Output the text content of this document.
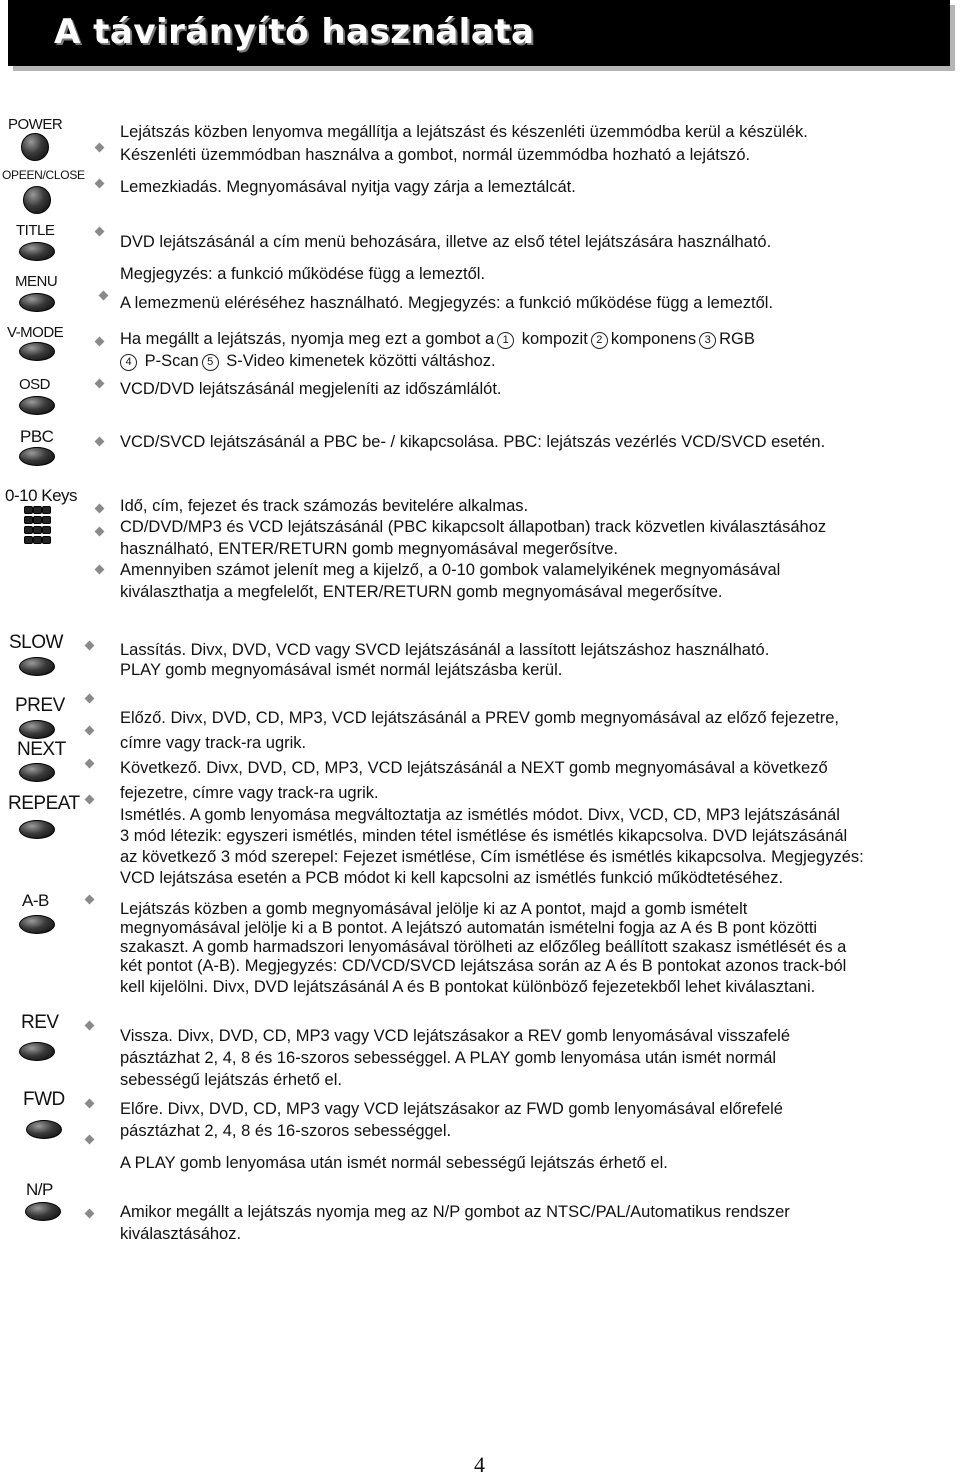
A távirányító használata
POWER
OPEEN/CLOSE
TITLE
MENU
V-MODE
OSD
PBC
0-10 Keys
SLOW
PREV
NEXT
REPEAT
A-B
REV
FWD
N/P
Lejátszás közben lenyomva megállítja a lejátszást és készenléti üzemmódba kerül a készülék.
Készenléti üzemmódban használva a gombot, normál üzemmódba hozható a lejátszó.
Lemezkiadás. Megnyomásával nyitja vagy zárja a lemeztálcát.
DVD lejátszásánál a cím menü behozására, illetve az első tétel lejátszására használható.
Megjegyzés: a funkció működése függ a lemeztől.
A lemezmenü eléréséhez használható. Megjegyzés: a funkció működése függ a lemeztől.
Ha megállt a lejátszás, nyomja meg ezt a gombot a 1 kompozit 2 komponens 3 RGB
4 P-Scan 5 S-Video kimenetek közötti váltáshoz.
VCD/DVD lejátszásánál megjeleníti az időszámlálót.
VCD/SVCD lejátszásánál a PBC be- / kikapcsolása. PBC: lejátszás vezérlés VCD/SVCD esetén.
Idő, cím, fejezet és track számozás bevitelére alkalmas.
CD/DVD/MP3 és VCD lejátszásánál (PBC kikapcsolt állapotban) track közvetlen kiválasztásához
használható, ENTER/RETURN gomb megnyomásával megerősítve.
Amennyiben számot jelenít meg a kijelző, a 0-10 gombok valamelyikének megnyomásával
kiválaszthatja a megfelelőt, ENTER/RETURN gomb megnyomásával megerősítve.
Lassítás. Divx, DVD, VCD vagy SVCD lejátszásánál a lassított lejátszáshoz használható.
PLAY gomb megnyomásával ismét normál lejátszásba kerül.
Előző. Divx, DVD, CD, MP3, VCD lejátszásánál a PREV gomb megnyomásával az előző fejezetre,
címre vagy track-ra ugrik.
Következő. Divx, DVD, CD, MP3, VCD lejátszásánál a NEXT gomb megnyomásával a következő
fejezetre, címre vagy track-ra ugrik.
Ismétlés. A gomb lenyomása megváltoztatja az ismétlés módot. Divx, VCD, CD, MP3 lejátszásánál
3 mód létezik: egyszeri ismétlés, minden tétel ismétlése és ismétlés kikapcsolva. DVD lejátszásánál
az következő 3 mód szerepel: Fejezet ismétlése, Cím ismétlése és ismétlés kikapcsolva. Megjegyzés:
VCD lejátszása esetén a PCB módot ki kell kapcsolni az ismétlés funkció működtetéséhez.
Lejátszás közben a gomb megnyomásával jelölje ki az A pontot, majd a gomb ismételt
megnyomásával jelölje ki a B pontot. A lejátszó automatán ismételni fogja az A és B pont közötti
szakaszt. A gomb harmadszori lenyomásával törölheti az előzőleg beállított szakasz ismétlését és a
két pontot (A-B). Megjegyzés: CD/VCD/SVCD lejátszása során az A és B pontokat azonos track-ból
kell kijelölni. Divx, DVD lejátszásánál A és B pontokat különböző fejezetekből lehet kiválasztani.
Vissza. Divx, DVD, CD, MP3 vagy VCD lejátszásakor a REV gomb lenyomásával visszafelé
pásztázhat 2, 4, 8 és 16-szoros sebességgel. A PLAY gomb lenyomása után ismét normál
sebességű lejátszás érhető el.
Előre. Divx, DVD, CD, MP3 vagy VCD lejátszásakor az FWD gomb lenyomásával előrefelé
pásztázhat 2, 4, 8 és 16-szoros sebességgel.
A PLAY gomb lenyomása után ismét normál sebességű lejátszás érhető el.
Amikor megállt a lejátszás nyomja meg az N/P gombot az NTSC/PAL/Automatikus rendszer
kiválasztásához.
4
